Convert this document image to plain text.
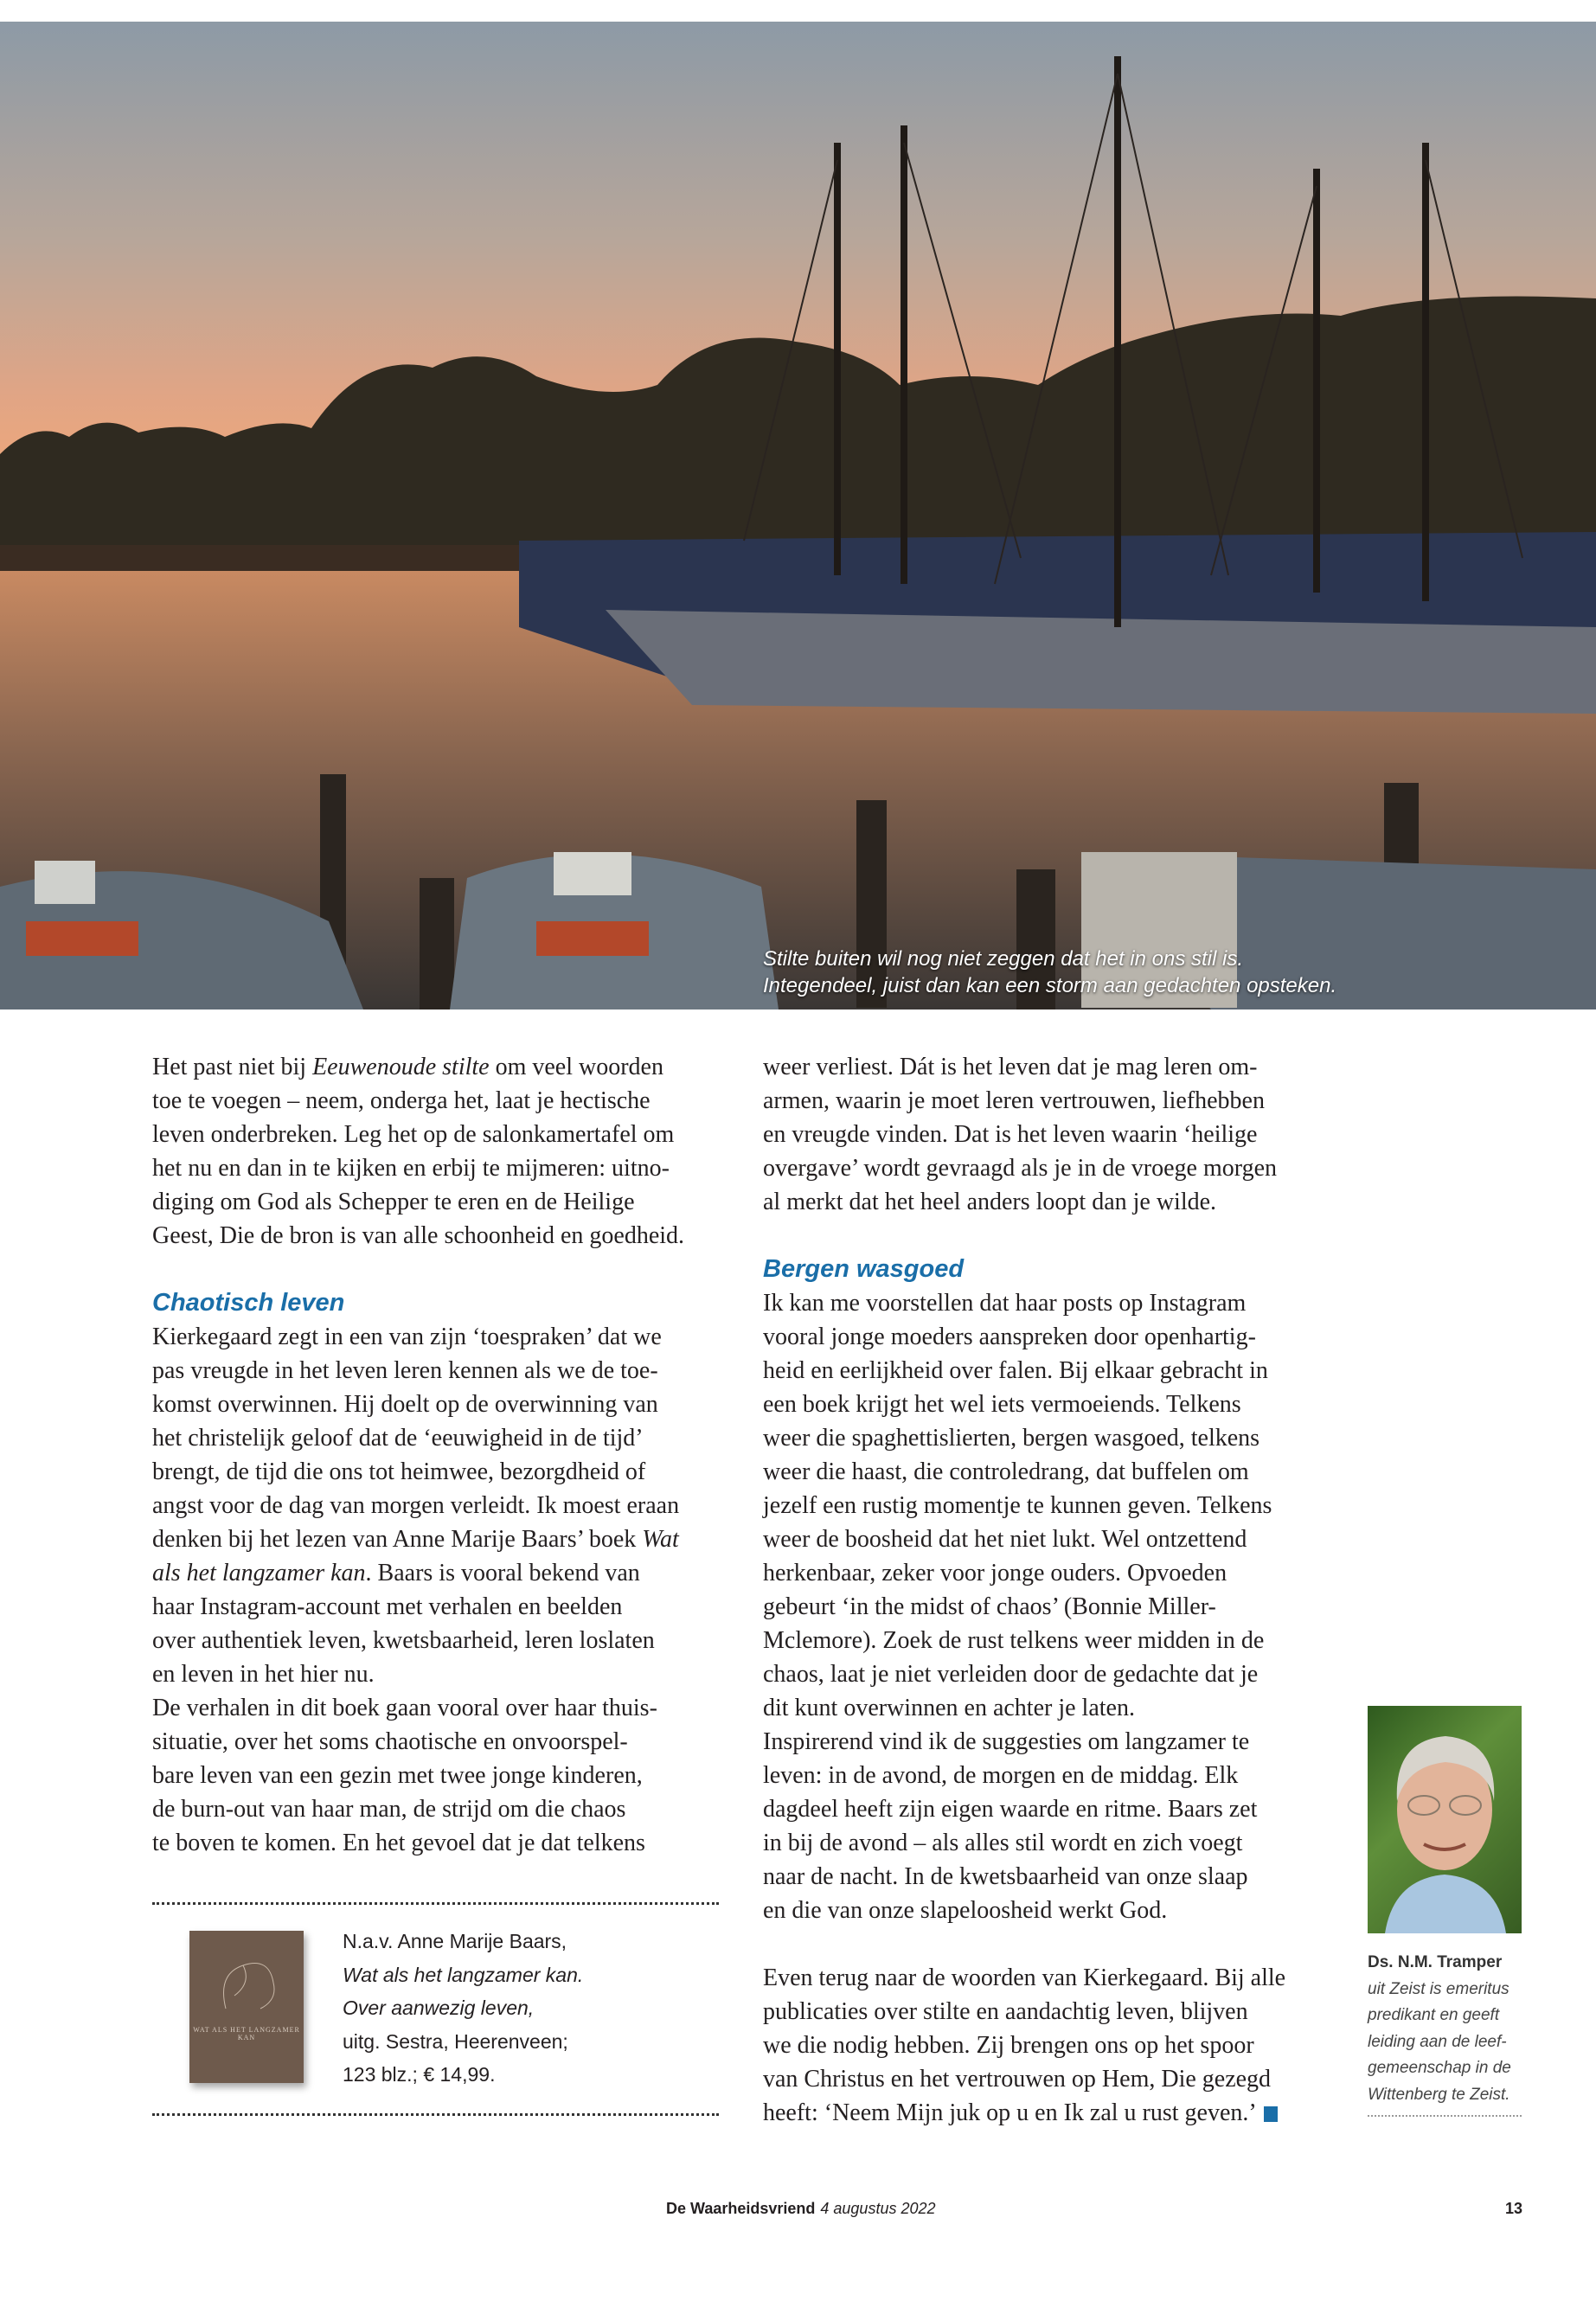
Stilte buiten wil nog niet zeggen dat het in ons stil is.
Integendeel, juist dan kan een storm aan gedachten opsteken.
Het past niet bij Eeuwenoude stilte om veel woorden
toe te voegen – neem, onderga het, laat je hectische
leven onderbreken. Leg het op de salonkamertafel om
het nu en dan in te kijken en erbij te mijmeren: uitno-
diging om God als Schepper te eren en de Heilige
Geest, Die de bron is van alle schoonheid en goedheid.
Chaotisch leven
Kierkegaard zegt in een van zijn ‘toespraken’ dat we
pas vreugde in het leven leren kennen als we de toe-
komst overwinnen. Hij doelt op de overwinning van
het christelijk geloof dat de ‘eeuwigheid in de tijd’
brengt, de tijd die ons tot heimwee, bezorgdheid of
angst voor de dag van morgen verleidt. Ik moest eraan
denken bij het lezen van Anne Marije Baars’ boek Wat
als het langzamer kan. Baars is vooral bekend van
haar Instagram-account met verhalen en beelden
over authentiek leven, kwetsbaarheid, leren loslaten
en leven in het hier nu.
De verhalen in dit boek gaan vooral over haar thuis-
situatie, over het soms chaotische en onvoorspel-
bare leven van een gezin met twee jonge kinderen,
de burn-out van haar man, de strijd om die chaos
te boven te komen. En het gevoel dat je dat telkens
weer verliest. Dát is het leven dat je mag leren om-
armen, waarin je moet leren vertrouwen, liefhebben
en vreugde vinden. Dat is het leven waarin ‘heilige
overgave’ wordt gevraagd als je in de vroege morgen
al merkt dat het heel anders loopt dan je wilde.
Bergen wasgoed
Ik kan me voorstellen dat haar posts op Instagram
vooral jonge moeders aanspreken door openhartig-
heid en eerlijkheid over falen. Bij elkaar gebracht in
een boek krijgt het wel iets vermoeiends. Telkens
weer die spaghettislierten, bergen wasgoed, telkens
weer die haast, die controledrang, dat buffelen om
jezelf een rustig momentje te kunnen geven. Telkens
weer de boosheid dat het niet lukt. Wel ontzettend
herkenbaar, zeker voor jonge ouders. Opvoeden
gebeurt ‘in the midst of chaos’ (Bonnie Miller-
Mclemore). Zoek de rust telkens weer midden in de
chaos, laat je niet verleiden door de gedachte dat je
dit kunt overwinnen en achter je laten.
Inspirerend vind ik de suggesties om langzamer te
leven: in de avond, de morgen en de middag. Elk
dagdeel heeft zijn eigen waarde en ritme. Baars zet
in bij de avond – als alles stil wordt en zich voegt
naar de nacht. In de kwetsbaarheid van onze slaap
en die van onze slapeloosheid werkt God.
Even terug naar de woorden van Kierkegaard. Bij alle
publicaties over stilte en aandachtig leven, blijven
we die nodig hebben. Zij brengen ons op het spoor
van Christus en het vertrouwen op Hem, Die gezegd
heeft: ‘Neem Mijn juk op u en Ik zal u rust geven.’
WAT ALS HET LANGZAMER KAN
N.a.v. Anne Marije Baars,
Wat als het langzamer kan.
Over aanwezig leven,
uitg. Sestra, Heerenveen;
123 blz.; € 14,99.
Ds. N.M. Tramper
uit Zeist is emeritus
predikant en geeft
leiding aan de leef-
gemeenschap in de
Wittenberg te Zeist.
De Waarheidsvriend 4 augustus 2022	13
